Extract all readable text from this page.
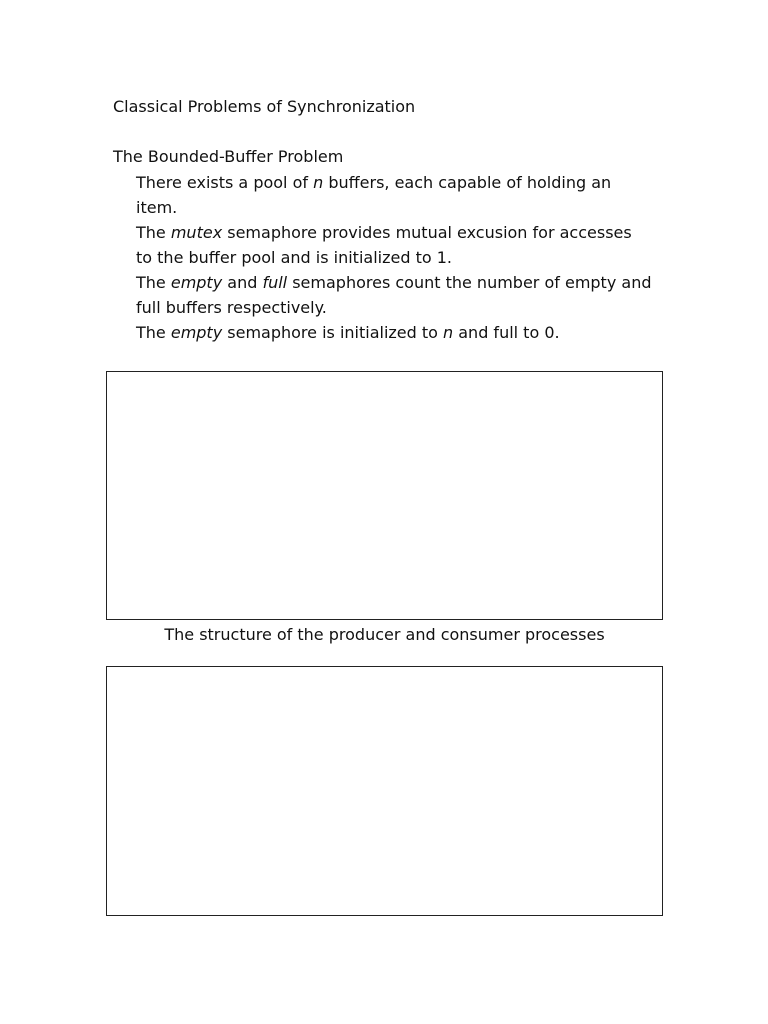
Classical Problems of Synchronization
The Bounded-Buffer Problem
There exists a pool of n buffers, each capable of holding an
item.
The mutex semaphore provides mutual excusion for accesses
to the buffer pool and is initialized to 1.
The empty and full semaphores count the number of empty and
full buffers respectively.
The empty semaphore is initialized to n and full to 0.
The structure of the producer and consumer processes
